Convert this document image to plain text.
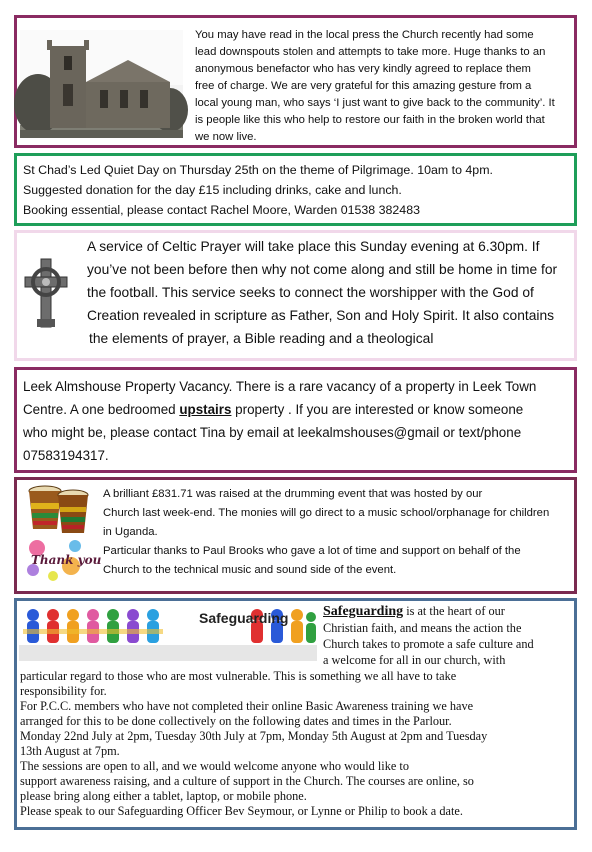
You may have read in the local press the Church recently had some
lead downspouts stolen and attempts to take more. Huge thanks to an
anonymous benefactor who has very kindly agreed to replace them
free of charge. We are very grateful for this amazing gesture from a
local young man, who says ‘I just want to give back to the community’. It
is people like this who help to restore our faith in the broken world that
we now live.
St Chad’s Led Quiet Day on Thursday 25th on the theme of Pilgrimage. 10am to 4pm.
Suggested donation for the day £15 including drinks, cake and lunch.
Booking essential, please contact Rachel Moore, Warden 01538 382483
A service of Celtic Prayer will take place this Sunday evening at 6.30pm. If
you’ve not been before then why not come along and still be home in time for
the football. This service seeks to connect the worshipper with the God of
Creation revealed in scripture as Father, Son and Holy Spirit. It also contains
the elements of prayer, a Bible reading and a theological
Leek Almshouse Property Vacancy. There is a rare vacancy of a property in Leek Town
Centre. A one bedroomed upstairs property . If you are interested or know someone
who might be, please contact Tina by email at leekalmshouses@gmail or text/phone
07583194317.
Thank you
A brilliant £831.71 was raised at the drumming event that was hosted by our
Church last week-end. The monies will go direct to a music school/orphanage for children
in Uganda.
Particular thanks to Paul Brooks who gave a lot of time and support on behalf of the
Church to the technical music and sound side of the event.
Safeguarding Safeguarding is at the heart of our
Christian faith, and means the action the
Church takes to promote a safe culture and
a welcome for all in our church, with
particular regard to those who are most vulnerable. This is something we all have to take
responsibility for.
For P.C.C. members who have not completed their online Basic Awareness training we have
arranged for this to be done collectively on the following dates and times in the Parlour.
Monday 22nd July at 2pm, Tuesday 30th July at 7pm, Monday 5th August at 2pm and Tuesday
13th August at 7pm.
The sessions are open to all, and we would welcome anyone who would like to
support awareness raising, and a culture of support in the Church. The courses are online, so
please bring along either a tablet, laptop, or mobile phone.
Please speak to our Safeguarding Officer Bev Seymour, or Lynne or Philip to book a date.
